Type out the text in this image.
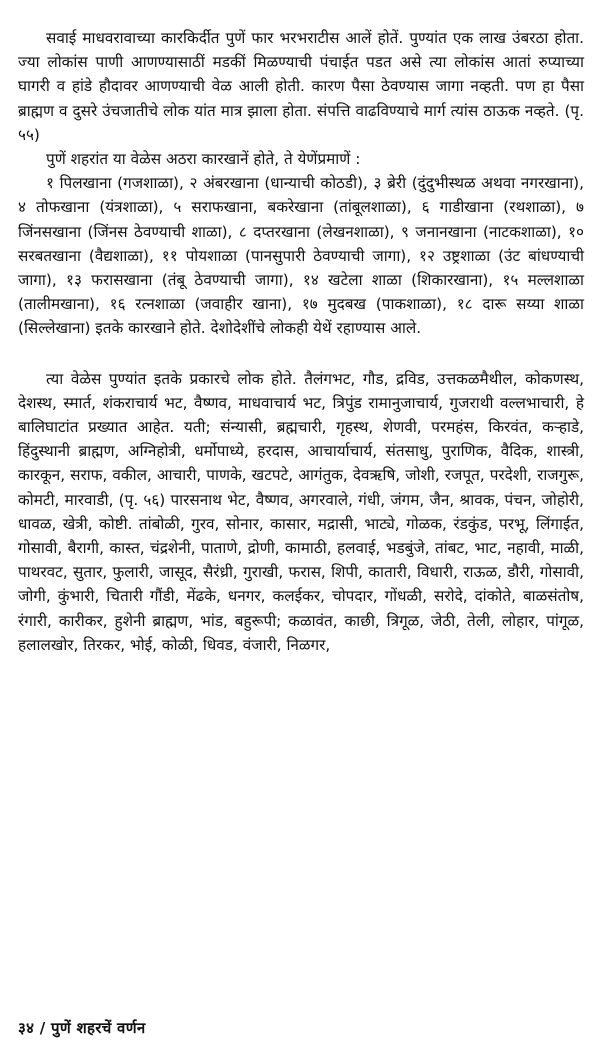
सवाई माधवरावाच्या कारकिर्दीत पुणें फार भरभराटीस आलें होतें. पुण्यांत एक लाख उंबरठा होता. ज्या लोकांस पाणी आणण्यासाठीं मडकीं मिळण्याची पंचाईत पडत असे त्या लोकांस आतां रुप्याच्या घागरी व हांडे हौदावर आणण्याची वेळ आली होती. कारण पैसा ठेवण्यास जागा नव्हती. पण हा पैसा ब्राह्मण व दुसरे उंचजातीचे लोक यांत मात्र झाला होता. संपत्ति वाढविण्याचे मार्ग त्यांस ठाऊक नव्हते. (पृ. ५५)

पुणें शहरांत या वेळेस अठरा कारखानें होते, ते येणेंप्रमाणें :

१ पिलखाना (गजशाळा), २ अंबरखाना (धान्याची कोठडी), ३ ब्रेरी (दुंदुभीस्थळ अथवा नगरखाना), ४ तोफखाना (यंत्रशाळा), ५ सराफखाना, बकरेखाना (तांबूलशाळा), ६ गाडीखाना (रथशाळा), ७ जिंनसखाना (जिंनस ठेवण्याची शाळा), ८ दप्तरखाना (लेखनशाळा), ९ जनानखाना (नाटकशाळा), १० सरबतखाना (वैद्यशाळा), ११ पोयशाळा (पानसुपारी ठेवण्याची जागा), १२ उष्ट्रशाळा (उंट बांधण्याची जागा), १३ फरासखाना (तंबू ठेवण्याची जागा), १४ खटेला शाळा (शिकारखाना), १५ मल्लशाळा (तालीमखाना), १६ रत्नशाळा (जवाहीर खाना), १७ मुदबख (पाकशाळा), १८ दारू सय्या शाळा (सिल्लेखाना) इतके कारखाने होते. देशोदेशींचे लोकही येथें रहाण्यास आले.

त्या वेळेस पुण्यांत इतके प्रकारचे लोक होते. तैलंगभट, गौड, द्रविड, उत्तकळमैथील, कोकणस्थ, देशस्थ, स्मार्त, शंकराचार्य भट, वैष्णव, माधवाचार्य भट, त्रिपुंड रामानुजाचार्य, गुजराथी वल्लभाचारी, हे बालिघाटांत प्रख्यात आहेत. यती; संन्यासी, ब्रह्मचारी, गृहस्थ, शेणवी, परमहंस, किरवंत, कऱ्हाडे, हिंदुस्थानी ब्राह्मण, अग्निहोत्री, धर्मोपाध्ये, हरदास, आचार्याचार्य, संतसाधु, पुराणिक, वैदिक, शास्त्री, कारकून, सराफ, वकील, आचारी, पाणके, खटपटे, आगंतुक, देवऋषि, जोशी, रजपूत, परदेशी, राजगुरू, कोमटी, मारवाडी, (पृ. ५६) पारसनाथ भेट, वैष्णव, अगरवाले, गंधी, जंगम, जैन, श्रावक, पंचन, जोहोरी, धावळ, खेत्री, कोष्टी. तांबोळी, गुरव, सोनार, कासार, मद्रासी, भाट्ये, गोळक, रंडकुंड, परभू, लिंगाईत, गोसावी, बैरागी, कास्त, चंद्रशेनी, पाताणे, द्रोणी, कामाठी, हलवाई, भडबुंजे, तांबट, भाट, नहावी, माळी, पाथरवट, सुतार, फुलारी, जासूद, सैरंध्री, गुराखी, फरास, शिपी, कातारी, विधारी, राऊळ, डौरी, गोसावी, जोगी, कुंभारी, चितारी गौंडी, मेंढके, धनगर, कलईकर, चोपदार, गोंधळी, सरोदे, दांकोते, बाळसंतोष, रंगारी, कारीकर, हुशेनी ब्राह्मण, भांड, बहुरूपी; कळावंत, काछी, त्रिगूळ, जेठी, तेली, लोहार, पांगूळ, हलालखोर, तिरकर, भोई, कोळी, धिवड, वंजारी, निळगर,

३४ / पुणें शहरचें वर्णन
